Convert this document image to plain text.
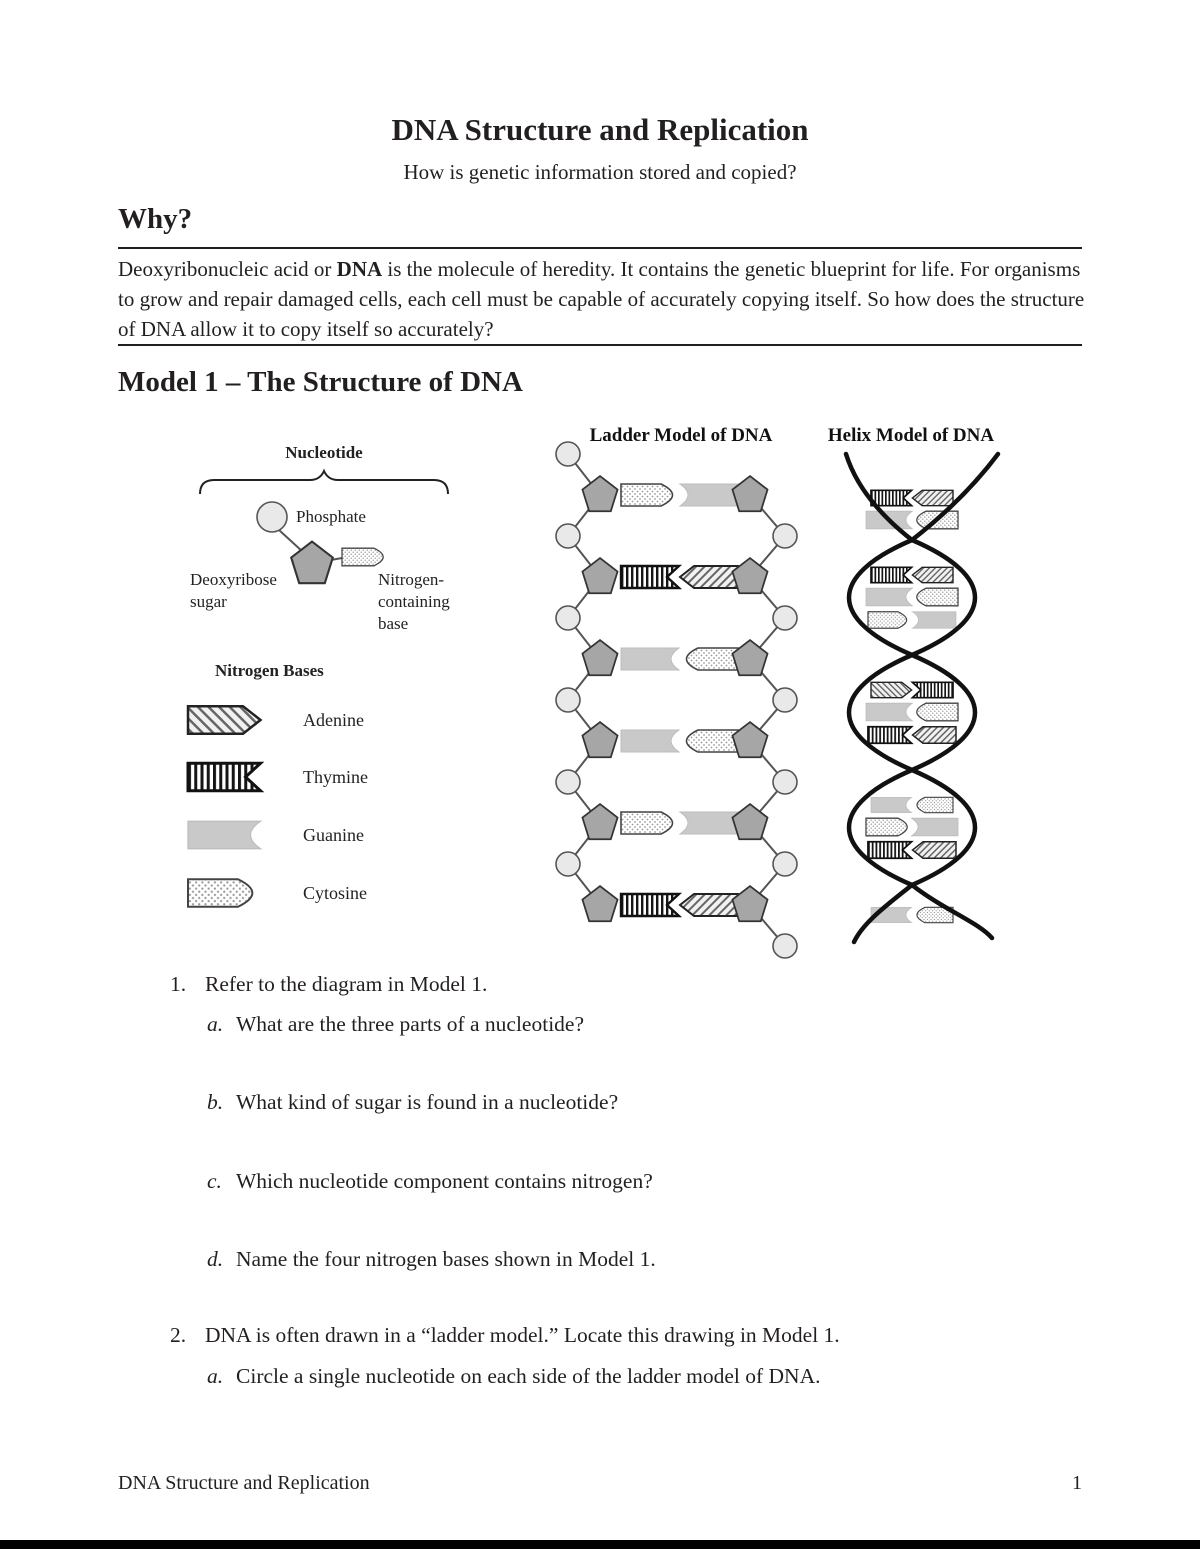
DNA Structure and Replication
How is genetic information stored and copied?
Why?
Deoxyribonucleic acid or DNA is the molecule of heredity. It contains the genetic blueprint for life. For organisms to grow and repair damaged cells, each cell must be capable of accurately copying itself. So how does the structure of DNA allow it to copy itself so accurately?
Model 1 – The Structure of DNA
Ladder Model of DNA	Helix Model of DNA
Nucleotide
Phosphate
Deoxyribose
sugar
Nitrogen-
containing
base
Nitrogen Bases
Adenine
Thymine
Guanine
Cytosine
1. Refer to the diagram in Model 1.
a. What are the three parts of a nucleotide?
b. What kind of sugar is found in a nucleotide?
c. Which nucleotide component contains nitrogen?
d. Name the four nitrogen bases shown in Model 1.
2. DNA is often drawn in a “ladder model.” Locate this drawing in Model 1.
a. Circle a single nucleotide on each side of the ladder model of DNA.
DNA Structure and Replication	1
